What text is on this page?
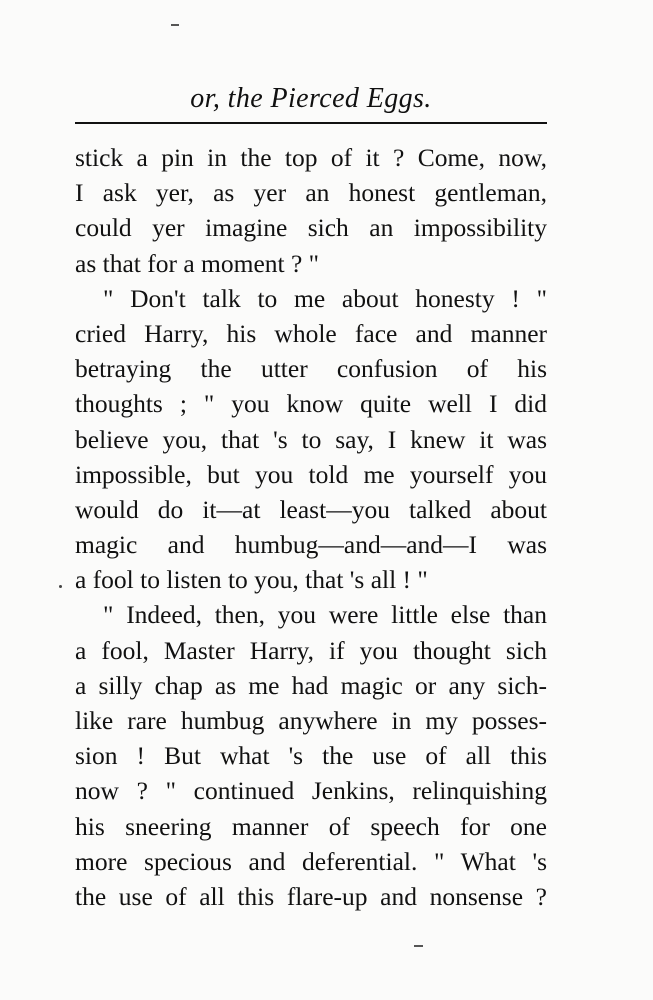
or, the Pierced Eggs.
stick a pin in the top of it ? Come, now,
I ask yer, as yer an honest gentleman,
could yer imagine sich an impossibility
as that for a moment ? "
" Don't talk to me about honesty ! "
cried Harry, his whole face and manner
betraying the utter confusion of his
thoughts ; " you know quite well I did
believe you, that 's to say, I knew it was
impossible, but you told me yourself you
would do it—at least—you talked about
magic and humbug—and—and—I was
a fool to listen to you, that 's all ! "
" Indeed, then, you were little else than
a fool, Master Harry, if you thought sich
a silly chap as me had magic or any sich-
like rare humbug anywhere in my posses-
sion ! But what 's the use of all this
now ? " continued Jenkins, relinquishing
his sneering manner of speech for one
more specious and deferential. " What 's
the use of all this flare-up and nonsense ?
